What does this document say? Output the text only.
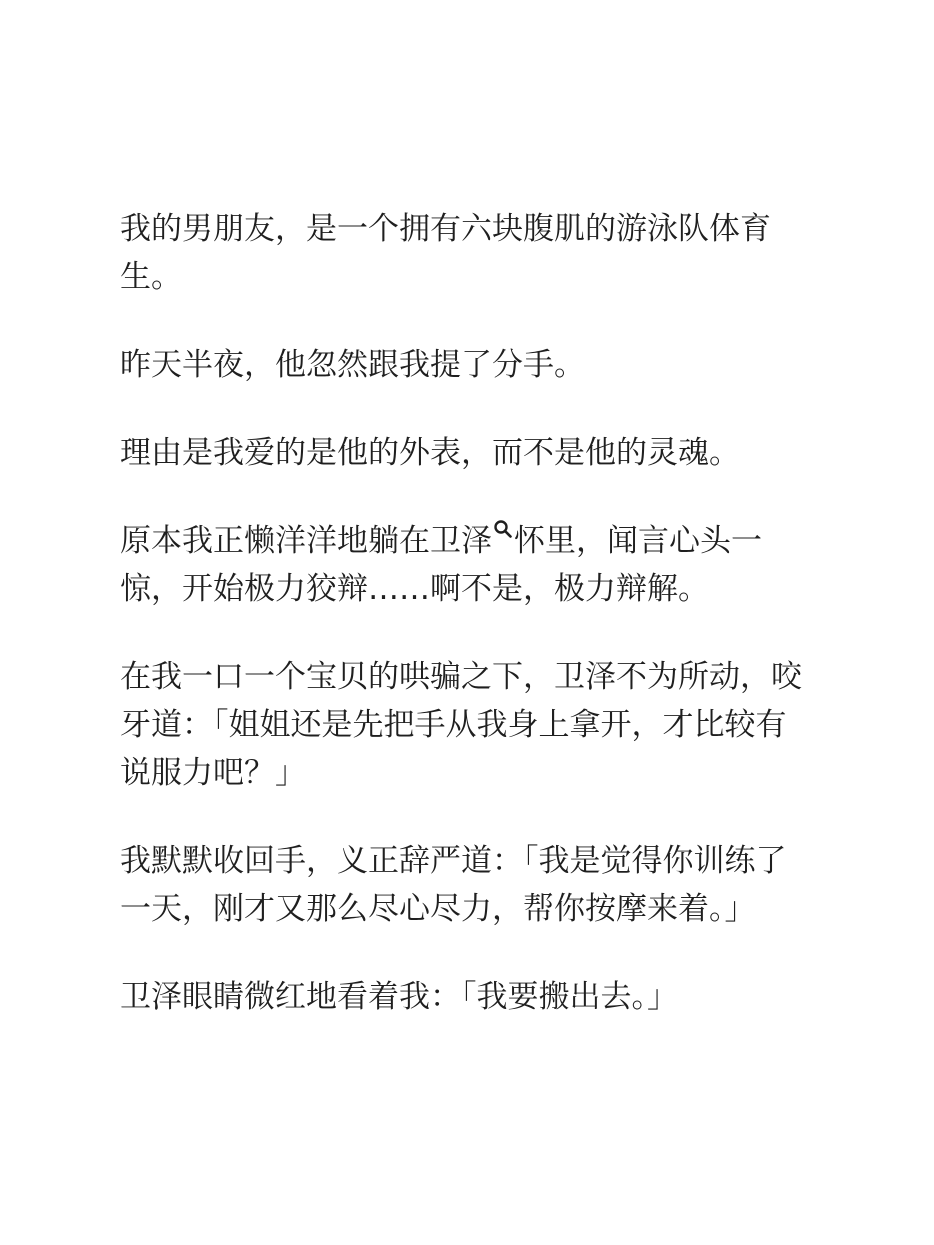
我的男朋友，是一个拥有六块腹肌的游泳队体育生。

昨天半夜，他忽然跟我提了分手。

理由是我爱的是他的外表，而不是他的灵魂。

原本我正懒洋洋地躺在卫泽 怀里，闻言心头一惊，开始极力狡辩……啊不是，极力辩解。

在我一口一个宝贝的哄骗之下，卫泽不为所动，咬牙道：「姐姐还是先把手从我身上拿开，才比较有说服力吧？」

我默默收回手，义正辞严道：「我是觉得你训练了一天，刚才又那么尽心尽力，帮你按摩来着。」

卫泽眼睛微红地看着我：「我要搬出去。」
